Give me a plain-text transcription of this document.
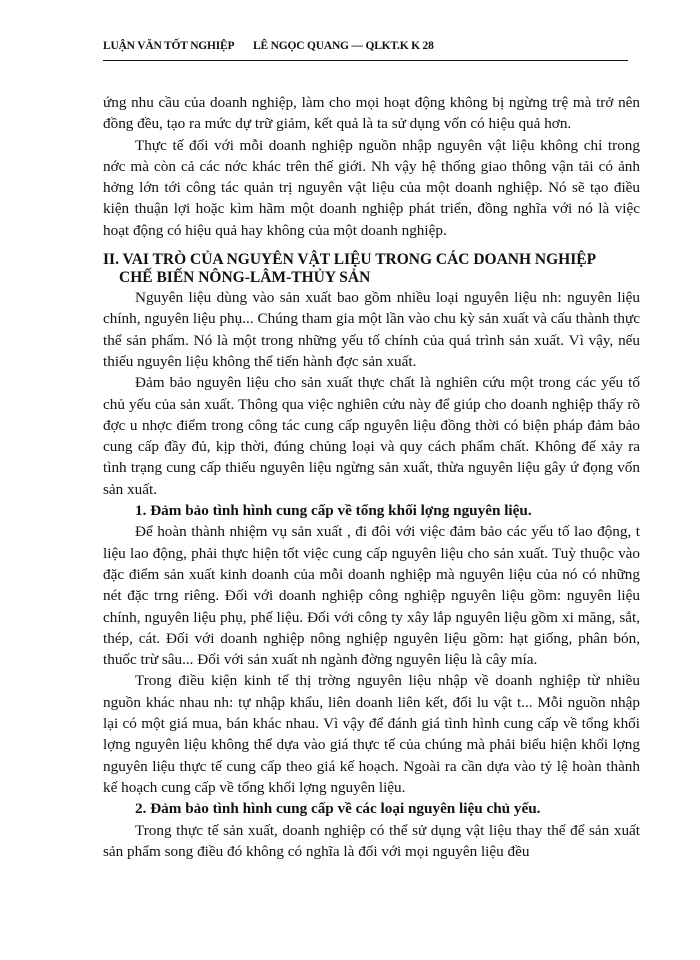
LUẬN VĂN TỐT NGHIỆP LÊ NGỌC QUANG — QLKT.K K 28

ứng nhu cầu của doanh nghiệp, làm cho mọi hoạt động không bị ngừng trệ mà trở nên đồng đều, tạo ra mức dự trữ giảm, kết quả là ta sử dụng vốn có hiệu quả hơn.

Thực tế đối với mỗi doanh nghiệp nguồn nhập nguyên vật liệu không chỉ trong nớc mà còn cả các nớc khác trên thế giới. Nh vậy hệ thống giao thông vận tải có ảnh hởng lớn tới công tác quản trị nguyên vật liệu của một doanh nghiệp. Nó sẽ tạo điều kiện thuận lợi hoặc kìm hãm một doanh nghiệp phát triển, đồng nghĩa với nó là việc hoạt động có hiệu quả hay không của một doanh nghiệp.

II. VAI TRÒ CỦA NGUYÊN VẬT LIỆU TRONG CÁC DOANH NGHIỆP
CHẾ BIẾN NÔNG-LÂM-THỦY SẢN

Nguyên liệu dùng vào sản xuất bao gồm nhiều loại nguyên liệu nh: nguyên liệu chính, nguyên liệu phụ... Chúng tham gia một lần vào chu kỳ sản xuất và cấu thành thực thể sản phẩm. Nó là một trong những yếu tố chính của quá trình sản xuất. Vì vậy, nếu thiếu nguyên liệu không thể tiến hành đợc sản xuất.

Đảm bảo nguyên liệu cho sản xuất thực chất là nghiên cứu một trong các yếu tố chủ yếu của sản xuất. Thông qua việc nghiên cứu này để giúp cho doanh nghiệp thấy rõ đợc u nhợc điểm trong công tác cung cấp nguyên liệu đồng thời có biện pháp đảm bảo cung cấp đầy đủ, kịp thời, đúng chủng loại và quy cách phẩm chất. Không để xảy ra tình trạng cung cấp thiếu nguyên liệu ngừng sản xuất, thừa nguyên liệu gây ứ đọng vốn sản xuất.

1. Đảm bảo tình hình cung cấp về tổng khối lợng nguyên liệu.

Để hoàn thành nhiệm vụ sản xuất , đi đôi với việc đảm bảo các yếu tố lao động, t liệu lao động, phải thực hiện tốt việc cung cấp nguyên liệu cho sản xuất. Tuỳ thuộc vào đặc điểm sản xuất kinh doanh của mỗi doanh nghiệp mà nguyên liệu của nó có những nét đặc trng riêng. Đối với doanh nghiệp công nghiệp nguyên liệu gồm: nguyên liệu chính, nguyên liệu phụ, phế liệu. Đối với công ty xây lắp nguyên liệu gồm xi măng, sắt, thép, cát. Đối với doanh nghiệp nông nghiệp nguyên liệu gồm: hạt giống, phân bón, thuốc trừ sâu... Đối với sản xuất nh ngành đờng nguyên liệu là cây mía.

Trong điều kiện kinh tế thị trờng nguyên liệu nhập về doanh nghiệp từ nhiều nguồn khác nhau nh: tự nhập khẩu, liên doanh liên kết, đổi lu vật t... Mỗi nguồn nhập lại có một giá mua, bán khác nhau. Vì vậy để đánh giá tình hình cung cấp về tổng khối lợng nguyên liệu không thể dựa vào giá thực tế của chúng mà phải biểu hiện khối lợng nguyên liệu thực tế cung cấp theo giá kế hoạch. Ngoài ra cần dựa vào tỷ lệ hoàn thành kế hoạch cung cấp về tổng khối lợng nguyên liệu.

2. Đảm bảo tình hình cung cấp về các loại nguyên liệu chủ yếu.

Trong thực tế sản xuất, doanh nghiệp có thể sử dụng vật liệu thay thế để sản xuất sản phẩm song điều đó không có nghĩa là đối với mọi nguyên liệu đều
